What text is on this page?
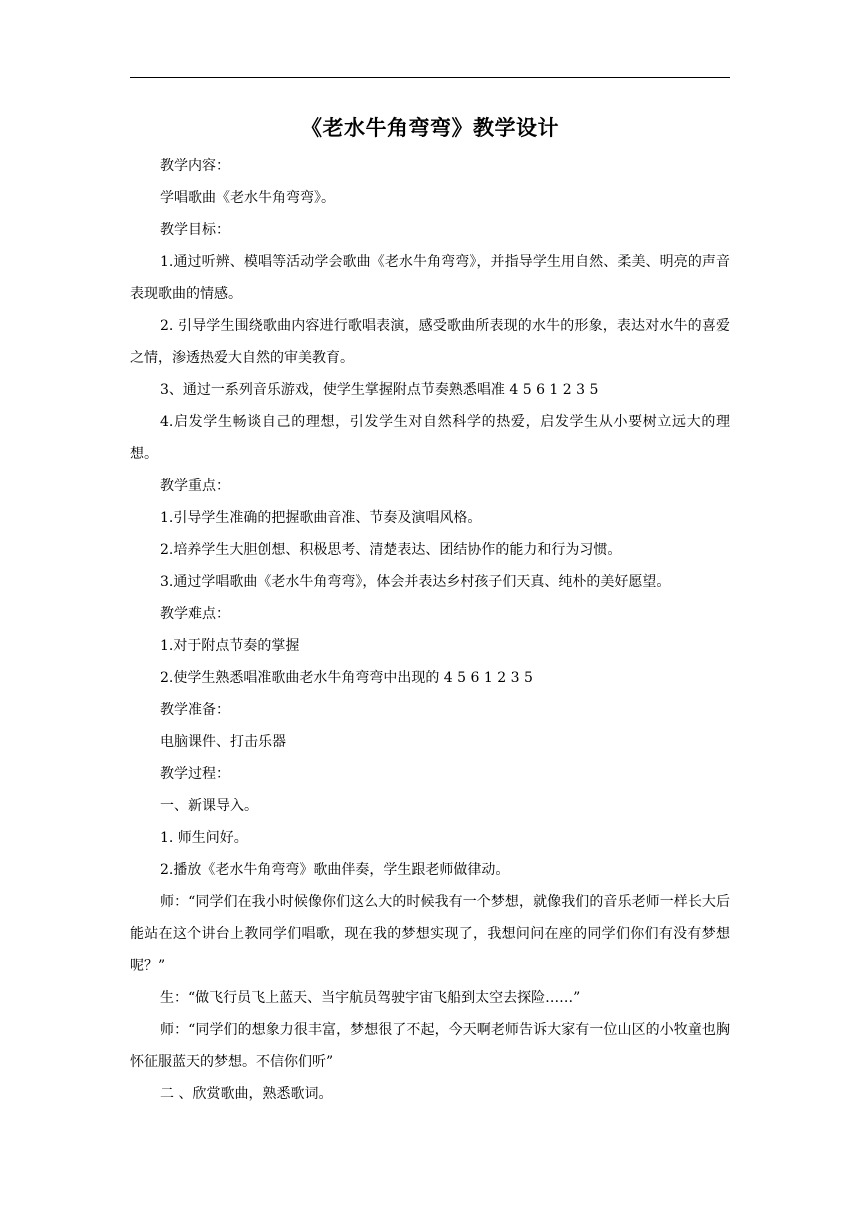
《老水牛角弯弯》教学设计

教学内容：

学唱歌曲《老水牛角弯弯》。

教学目标：

1.通过听辨、模唱等活动学会歌曲《老水牛角弯弯》，并指导学生用自然、柔美、明亮的声音表现歌曲的情感。

2. 引导学生围绕歌曲内容进行歌唱表演，感受歌曲所表现的水牛的形象，表达对水牛的喜爱之情，渗透热爱大自然的审美教育。

3、通过一系列音乐游戏，使学生掌握附点节奏熟悉唱准 4 5 6 1 2 3 5

4.启发学生畅谈自己的理想，引发学生对自然科学的热爱，启发学生从小要树立远大的理想。

教学重点：

1.引导学生准确的把握歌曲音准、节奏及演唱风格。

2.培养学生大胆创想、积极思考、清楚表达、团结协作的能力和行为习惯。

3.通过学唱歌曲《老水牛角弯弯》，体会并表达乡村孩子们天真、纯朴的美好愿望。

教学难点：

1.对于附点节奏的掌握

2.使学生熟悉唱准歌曲老水牛角弯弯中出现的 4 5 6 1 2 3 5

教学准备：

电脑课件、打击乐器

教学过程：

一、新课导入。

1. 师生问好。

2.播放《老水牛角弯弯》歌曲伴奏，学生跟老师做律动。

师：“同学们在我小时候像你们这么大的时候我有一个梦想，就像我们的音乐老师一样长大后能站在这个讲台上教同学们唱歌，现在我的梦想实现了，我想问问在座的同学们你们有没有梦想呢？”

生：“做飞行员飞上蓝天、当宇航员驾驶宇宙飞船到太空去探险……”

师：“同学们的想象力很丰富，梦想很了不起，今天啊老师告诉大家有一位山区的小牧童也胸怀征服蓝天的梦想。不信你们听”

二 、欣赏歌曲，熟悉歌词。
